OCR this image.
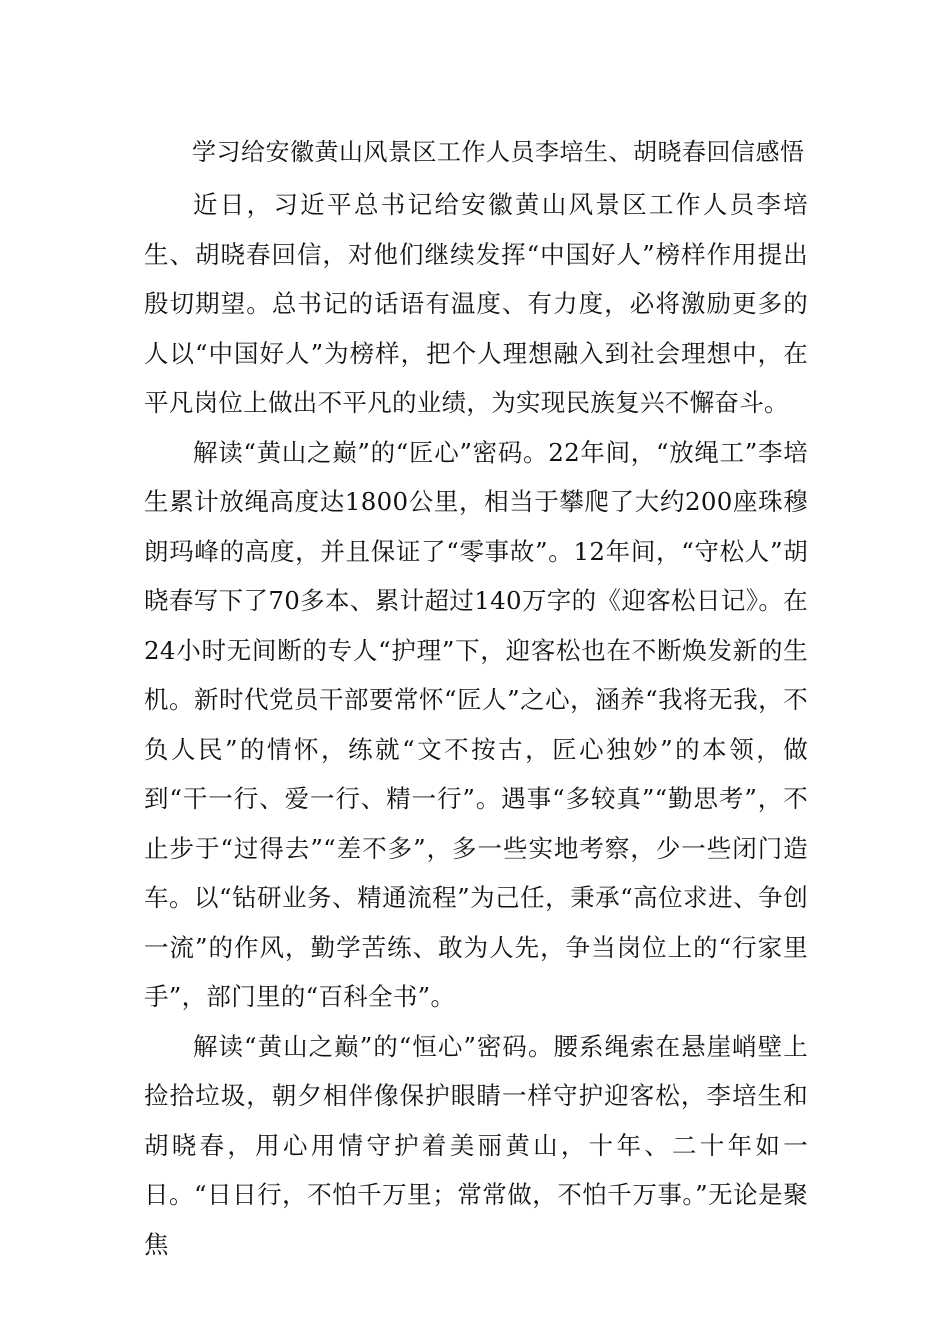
学习给安徽黄山风景区工作人员李培生、胡晓春回信感悟

近日，习近平总书记给安徽黄山风景区工作人员李培生、胡晓春回信，对他们继续发挥“中国好人”榜样作用提出殷切期望。总书记的话语有温度、有力度，必将激励更多的人以“中国好人”为榜样，把个人理想融入到社会理想中，在平凡岗位上做出不平凡的业绩，为实现民族复兴不懈奋斗。

解读“黄山之巅”的“匠心”密码。22年间，“放绳工”李培生累计放绳高度达1800公里，相当于攀爬了大约200座珠穆朗玛峰的高度，并且保证了“零事故”。12年间，“守松人”胡晓春写下了70多本、累计超过140万字的《迎客松日记》。在24小时无间断的专人“护理”下，迎客松也在不断焕发新的生机。新时代党员干部要常怀“匠人”之心，涵养“我将无我，不负人民”的情怀，练就“文不按古，匠心独妙”的本领，做到“干一行、爱一行、精一行”。遇事“多较真”“勤思考”，不止步于“过得去”“差不多”，多一些实地考察，少一些闭门造车。以“钻研业务、精通流程”为己任，秉承“高位求进、争创一流”的作风，勤学苦练、敢为人先，争当岗位上的“行家里手”，部门里的“百科全书”。

解读“黄山之巅”的“恒心”密码。腰系绳索在悬崖峭壁上捡拾垃圾，朝夕相伴像保护眼睛一样守护迎客松，李培生和胡晓春，用心用情守护着美丽黄山，十年、二十年如一日。“日日行，不怕千万里；常常做，不怕千万事。”无论是聚焦
